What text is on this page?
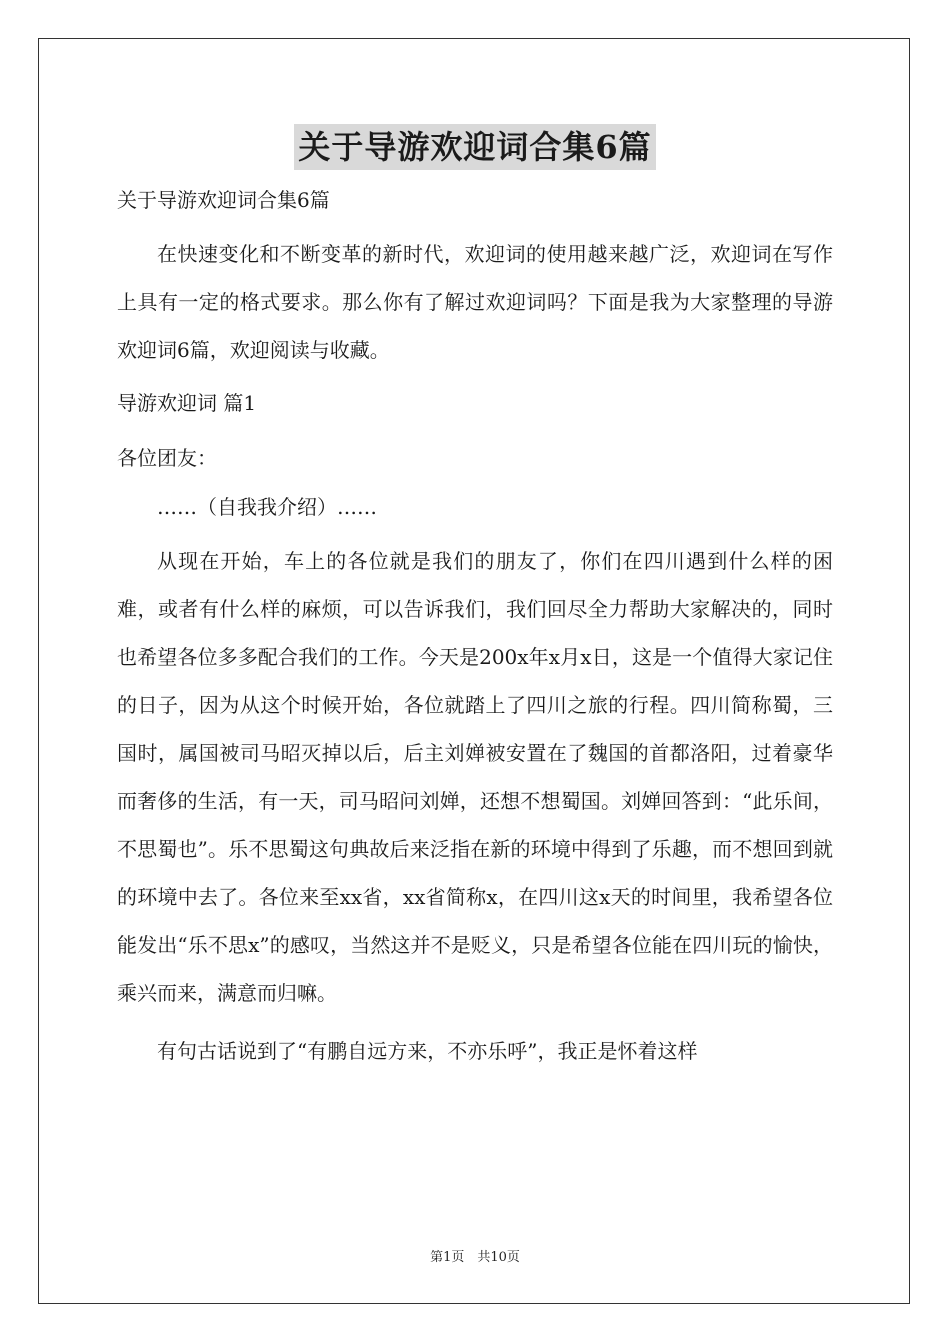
关于导游欢迎词合集6篇

关于导游欢迎词合集6篇

在快速变化和不断变革的新时代，欢迎词的使用越来越广泛，欢迎词在写作上具有一定的格式要求。那么你有了解过欢迎词吗？下面是我为大家整理的导游欢迎词6篇，欢迎阅读与收藏。

导游欢迎词 篇1

各位团友：

……（自我我介绍）……

从现在开始，车上的各位就是我们的朋友了，你们在四川遇到什么样的困难，或者有什么样的麻烦，可以告诉我们，我们回尽全力帮助大家解决的，同时也希望各位多多配合我们的工作。今天是200x年x月x日，这是一个值得大家记住的日子，因为从这个时候开始，各位就踏上了四川之旅的行程。四川简称蜀，三国时，属国被司马昭灭掉以后，后主刘婵被安置在了魏国的首都洛阳，过着豪华而奢侈的生活，有一天，司马昭问刘婵，还想不想蜀国。刘婵回答到：“此乐间，不思蜀也”。乐不思蜀这句典故后来泛指在新的环境中得到了乐趣，而不想回到就的环境中去了。各位来至xx省，xx省简称x，在四川这x天的时间里，我希望各位能发出“乐不思x”的感叹，当然这并不是贬义，只是希望各位能在四川玩的愉快，乘兴而来，满意而归嘛。

有句古话说到了“有鹏自远方来，不亦乐呼”，我正是怀着这样

第1页　共10页
